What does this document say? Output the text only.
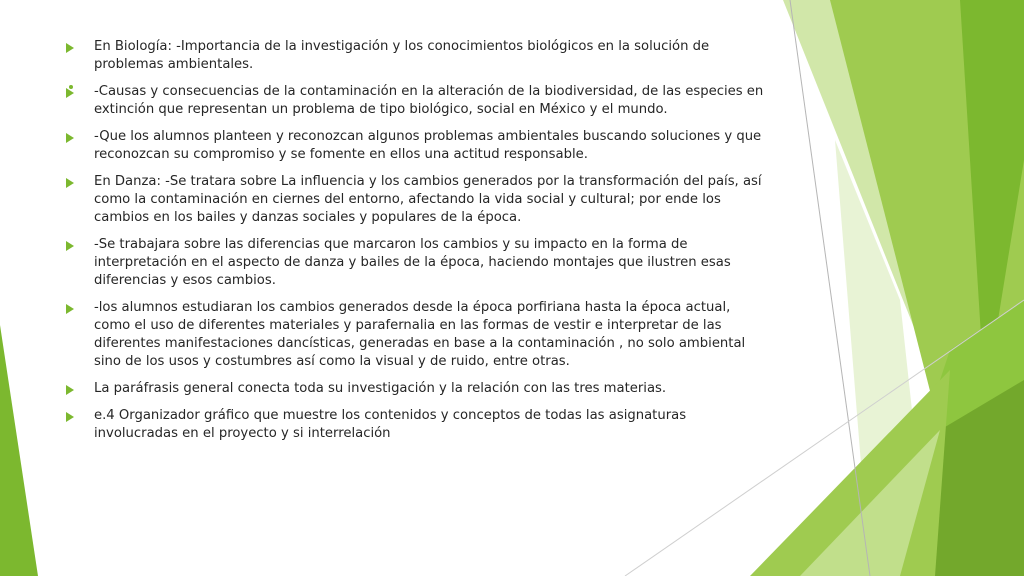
En Biología: -Importancia de la investigación y los conocimientos biológicos en la solución de
problemas ambientales.
-Causas y consecuencias de la contaminación en la alteración de la biodiversidad, de las especies en
extinción que representan un problema de tipo biológico, social en México y el mundo.
-Que los alumnos planteen y reconozcan algunos problemas ambientales buscando soluciones y que
reconozcan su compromiso y se fomente en ellos una actitud responsable.
En Danza: -Se tratara sobre La influencia y los cambios generados por la transformación del país, así
como la contaminación en ciernes del entorno, afectando la vida social y cultural; por ende los
cambios en los bailes y danzas sociales y populares de la época.
-Se trabajara sobre las diferencias que marcaron los cambios y su impacto en la forma de
interpretación en el aspecto de danza y bailes de la época, haciendo montajes que ilustren esas
diferencias y esos cambios.
-los alumnos estudiaran los cambios generados desde la época porfiriana hasta la época actual,
como el uso de diferentes materiales y parafernalia en las formas de vestir e interpretar de las
diferentes manifestaciones dancísticas, generadas en base a la contaminación , no solo ambiental
sino de los usos y costumbres así como la visual y de ruido, entre otras.
La paráfrasis general conecta toda su investigación y la relación con las tres materias.
e.4 Organizador gráfico que muestre los contenidos y conceptos de todas las asignaturas
involucradas en el proyecto y si interrelación
